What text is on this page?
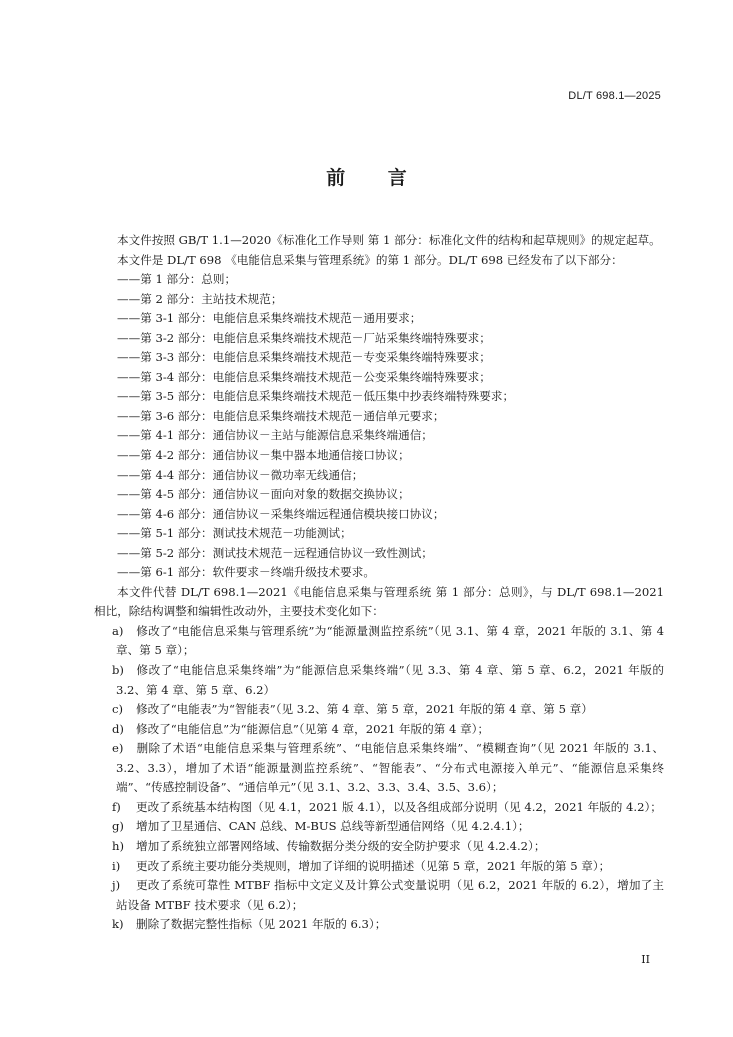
DL/T 698.1—2025
前 言

本文件按照 GB/T 1.1—2020《标准化工作导则 第 1 部分：标准化文件的结构和起草规则》的规定起草。

本文件是 DL/T 698 《电能信息采集与管理系统》的第 1 部分。DL/T 698 已经发布了以下部分：

——第 1 部分：总则；

——第 2 部分：主站技术规范；

——第 3-1 部分：电能信息采集终端技术规范－通用要求；

——第 3-2 部分：电能信息采集终端技术规范－厂站采集终端特殊要求；

——第 3-3 部分：电能信息采集终端技术规范－专变采集终端特殊要求；

——第 3-4 部分：电能信息采集终端技术规范－公变采集终端特殊要求；

——第 3-5 部分：电能信息采集终端技术规范－低压集中抄表终端特殊要求；

——第 3-6 部分：电能信息采集终端技术规范－通信单元要求；

——第 4-1 部分：通信协议－主站与能源信息采集终端通信；

——第 4-2 部分：通信协议－集中器本地通信接口协议；

——第 4-4 部分：通信协议－微功率无线通信；

——第 4-5 部分：通信协议－面向对象的数据交换协议；

——第 4-6 部分：通信协议－采集终端远程通信模块接口协议；

——第 5-1 部分：测试技术规范－功能测试；

——第 5-2 部分：测试技术规范－远程通信协议一致性测试；

——第 6-1 部分：软件要求－终端升级技术要求。

本文件代替 DL/T 698.1—2021《电能信息采集与管理系统 第 1 部分：总则》，与 DL/T 698.1—2021 相比，除结构调整和编辑性改动外，主要技术变化如下：

a) 修改了“电能信息采集与管理系统”为“能源量测监控系统”（见 3.1、第 4 章，2021 年版的 3.1、第 4 章、第 5 章）；

b) 修改了“电能信息采集终端”为“能源信息采集终端”（见 3.3、第 4 章、第 5 章、6.2，2021 年版的 3.2、第 4 章、第 5 章、6.2）

c) 修改了“电能表”为“智能表”（见 3.2、第 4 章、第 5 章，2021 年版的第 4 章、第 5 章）

d) 修改了“电能信息”为“能源信息”（见第 4 章，2021 年版的第 4 章）；

e) 删除了术语“电能信息采集与管理系统”、“电能信息采集终端”、“模糊查询”（见 2021 年版的 3.1、3.2、3.3），增加了术语“能源量测监控系统”、“智能表”、“分布式电源接入单元”、“能源信息采集终端”、“传感控制设备”、“通信单元”（见 3.1、3.2、3.3、3.4、3.5、3.6）；

f) 更改了系统基本结构图（见 4.1，2021 版 4.1），以及各组成部分说明（见 4.2，2021 年版的 4.2）；

g) 增加了卫星通信、CAN 总线、M-BUS 总线等新型通信网络（见 4.2.4.1）；

h) 增加了系统独立部署网络域、传输数据分类分级的安全防护要求（见 4.2.4.2）；

i) 更改了系统主要功能分类规则，增加了详细的说明描述（见第 5 章，2021 年版的第 5 章）；

j) 更改了系统可靠性 MTBF 指标中文定义及计算公式变量说明（见 6.2，2021 年版的 6.2），增加了主站设备 MTBF 技术要求（见 6.2）；

k) 删除了数据完整性指标（见 2021 年版的 6.3）；

II
